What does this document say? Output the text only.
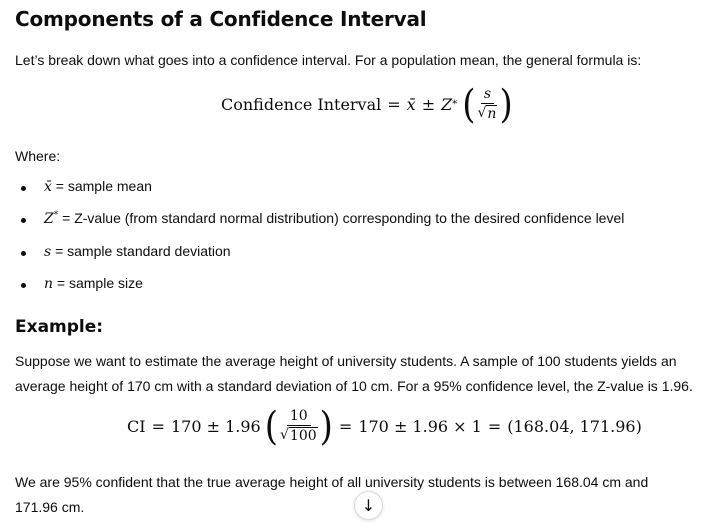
Components of a Confidence Interval
Let’s break down what goes into a confidence interval. For a population mean, the general formula is:
Confidence Interval = x̄ ± Z * ( $\frac{s}{√ n}$ )
Where:
x̄ = sample mean
Z* = Z-value (from standard normal distribution) corresponding to the desired confidence level
s = sample standard deviation
n = sample size
Example:
Suppose we want to estimate the average height of university students. A sample of 100 students yields an
average height of 170 cm with a standard deviation of 10 cm. For a 95% confidence level, the Z-value is 1.96.
CI = 170 ± 1.96 ( $\frac{10}{√ 100}$ ) = 170 ± 1.96 × 1 = (168.04, 171.96)
We are 95% confident that the true average height of all university students is between 168.04 cm and
171.96 cm.	↓
